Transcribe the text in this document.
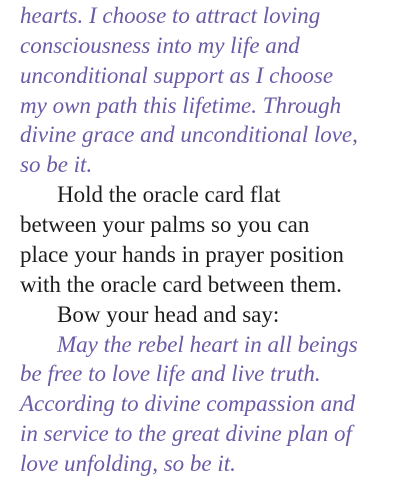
hearts. I choose to attract loving

consciousness into my life and

unconditional support as I choose

my own path this lifetime. Through

divine grace and unconditional love,

so be it.

Hold the oracle card flat

between your palms so you can

place your hands in prayer position

with the oracle card between them.

Bow your head and say:

May the rebel heart in all beings

be free to love life and live truth.

According to divine compassion and

in service to the great divine plan of

love unfolding, so be it.
